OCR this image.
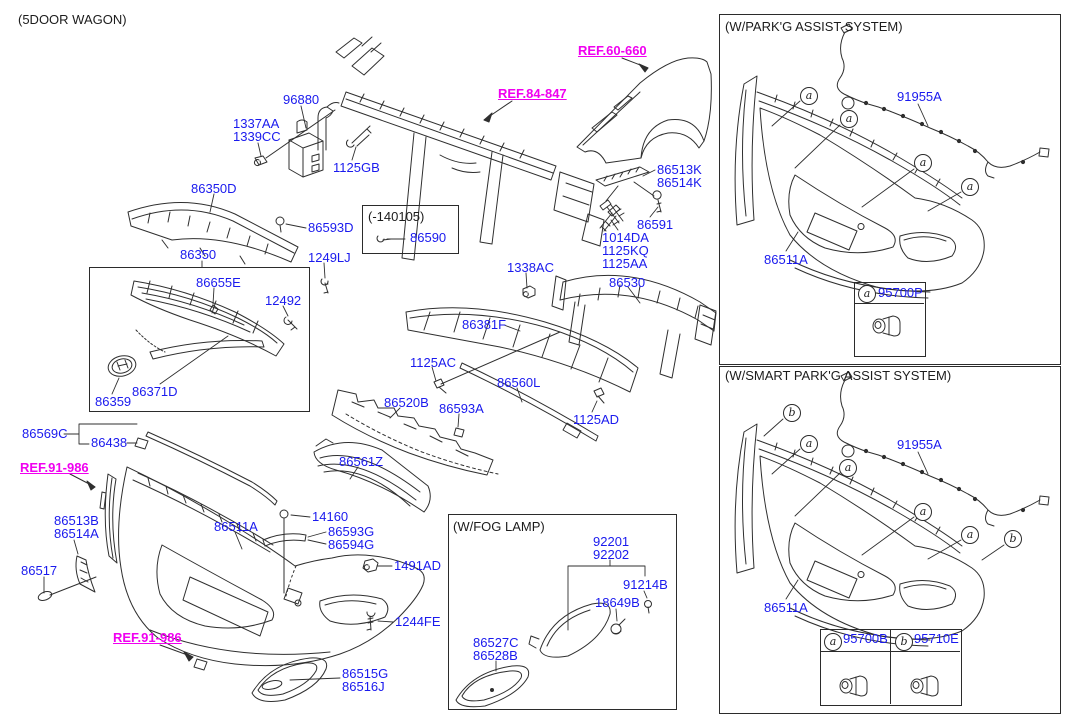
(5DOOR WAGON)
96880
1337AA
1339CC
1125GB
86350D
86593D
86350	1249LJ
86655E
12492
86371D
86359
86569C
86438
86513B
86514A
86517
86511A
14160
86593G
86594G
1491AD
1244FE
86515G
86516J
86561Z
86520B 86593A
1125AC
86560L
86381F
1338AC
86530
1125AD
1014DA
1125KQ
1125AA
86591
86513K
86514K
REF.84-847
REF.60-660
REF.91-986
REF.91-986
(-140105)
86590
(W/FOG LAMP)
92201
92202
91214B
18649B
86527C
86528B
(W/PARK'G ASSIST SYSTEM)
91955A
86511A
95700P
(W/SMART PARK'G ASSIST SYSTEM)
91955A
86511A
95700B 95710E
a
a
a
a
a
b
a
a
a
a	b
a	b
